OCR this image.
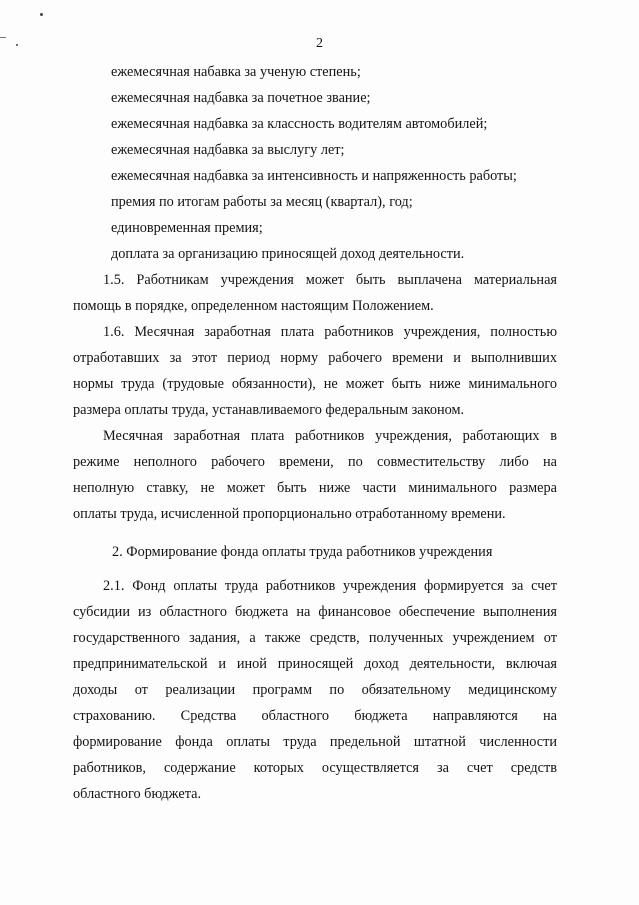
2
ежемесячная набавка за ученую степень;
ежемесячная надбавка за почетное звание;
ежемесячная надбавка за классность водителям автомобилей;
ежемесячная надбавка за выслугу лет;
ежемесячная надбавка за интенсивность и напряженность работы;
премия по итогам работы за месяц (квартал), год;
единовременная премия;
доплата за организацию приносящей доход деятельности.
1.5. Работникам учреждения может быть выплачена материальная
помощь в порядке, определенном настоящим Положением.
1.6. Месячная заработная плата работников учреждения, полностью
отработавших за этот период норму рабочего времени и выполнивших
нормы труда (трудовые обязанности), не может быть ниже минимального
размера оплаты труда, устанавливаемого федеральным законом.
Месячная заработная плата работников учреждения, работающих в
режиме неполного рабочего времени, по совместительству либо на
неполную ставку, не может быть ниже части минимального размера
оплаты труда, исчисленной пропорционально отработанному времени.
2. Формирование фонда оплаты труда работников учреждения
2.1. Фонд оплаты труда работников учреждения формируется за счет
субсидии из областного бюджета на финансовое обеспечение выполнения
государственного задания, а также средств, полученных учреждением от
предпринимательской и иной приносящей доход деятельности, включая
доходы от реализации программ по обязательному медицинскому
страхованию. Средства областного бюджета направляются на
формирование фонда оплаты труда предельной штатной численности
работников, содержание которых осуществляется за счет средств
областного бюджета.
